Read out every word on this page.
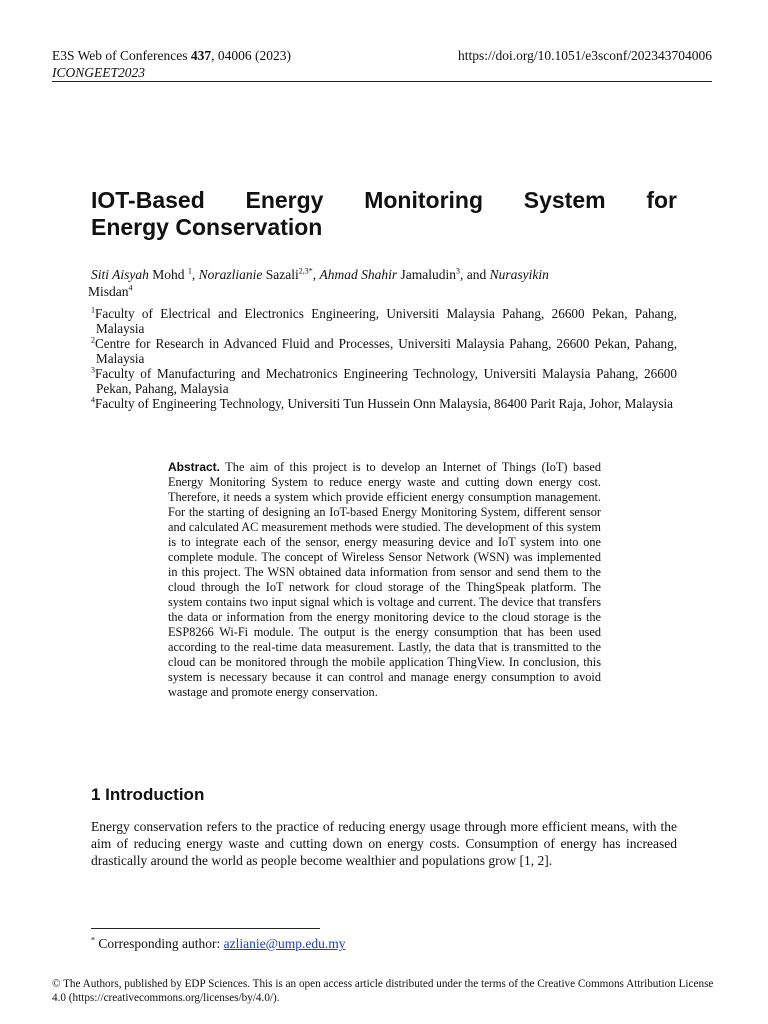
E3S Web of Conferences 437, 04006 (2023)
ICONGEET2023
https://doi.org/10.1051/e3sconf/202343704006
IOT-Based Energy Monitoring System for
Energy Conservation
Siti Aisyah Mohd $^1$, Norazlianie Sazali$^{2,3*}$, Ahmad Shahir Jamaludin$^3$, and Nurasyikin
Misdan$^4$
$^1$Faculty of Electrical and Electronics Engineering, Universiti Malaysia Pahang, 26600 Pekan, Pahang, Malaysia
$^2$Centre for Research in Advanced Fluid and Processes, Universiti Malaysia Pahang, 26600 Pekan, Pahang, Malaysia
$^3$Faculty of Manufacturing and Mechatronics Engineering Technology, Universiti Malaysia Pahang, 26600 Pekan, Pahang, Malaysia
$^4$Faculty of Engineering Technology, Universiti Tun Hussein Onn Malaysia, 86400 Parit Raja, Johor, Malaysia
Abstract. The aim of this project is to develop an Internet of Things (IoT) based Energy Monitoring System to reduce energy waste and cutting down energy cost. Therefore, it needs a system which provide efficient energy consumption management. For the starting of designing an IoT-based Energy Monitoring System, different sensor and calculated AC measurement methods were studied. The development of this system is to integrate each of the sensor, energy measuring device and IoT system into one complete module. The concept of Wireless Sensor Network (WSN) was implemented in this project. The WSN obtained data information from sensor and send them to the cloud through the IoT network for cloud storage of the ThingSpeak platform. The system contains two input signal which is voltage and current. The device that transfers the data or information from the energy monitoring device to the cloud storage is the ESP8266 Wi-Fi module. The output is the energy consumption that has been used according to the real-time data measurement. Lastly, the data that is transmitted to the cloud can be monitored through the mobile application ThingView. In conclusion, this system is necessary because it can control and manage energy consumption to avoid wastage and promote energy conservation.
1 Introduction
Energy conservation refers to the practice of reducing energy usage through more efficient means, with the aim of reducing energy waste and cutting down on energy costs. Consumption of energy has increased drastically around the world as people become wealthier and populations grow [1, 2].
* Corresponding author: azlianie@ump.edu.my
© The Authors, published by EDP Sciences. This is an open access article distributed under the terms of the Creative Commons Attribution License 4.0 (https://creativecommons.org/licenses/by/4.0/).
